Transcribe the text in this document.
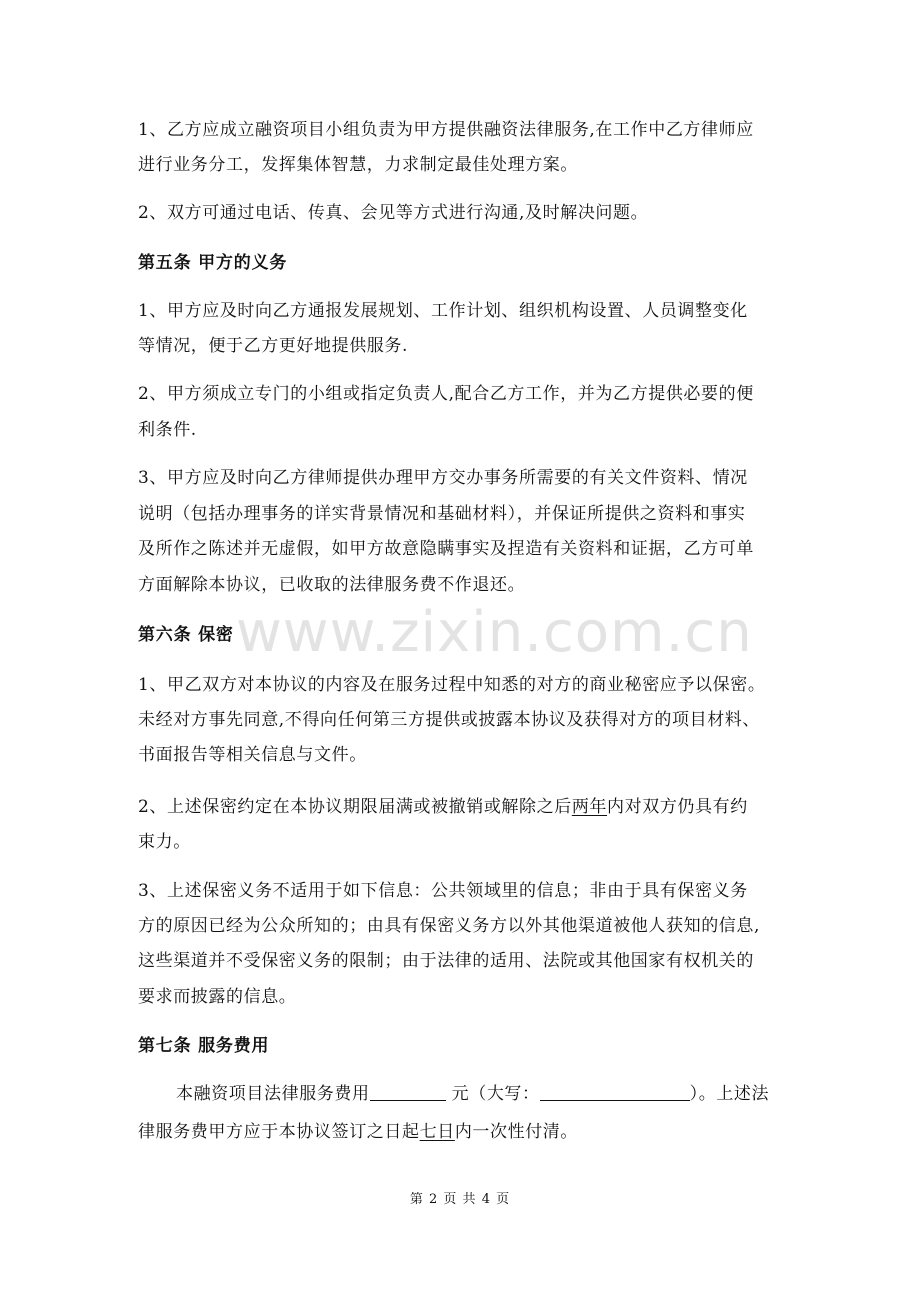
www.zixin.com.cn
1、乙方应成立融资项目小组负责为甲方提供融资法律服务,在工作中乙方律师应
进行业务分工，发挥集体智慧，力求制定最佳处理方案。
2、双方可通过电话、传真、会见等方式进行沟通,及时解决问题。
第五条 甲方的义务
1、甲方应及时向乙方通报发展规划、工作计划、组织机构设置、人员调整变化
等情况，便于乙方更好地提供服务.
2、甲方须成立专门的小组或指定负责人,配合乙方工作，并为乙方提供必要的便
利条件.
3、甲方应及时向乙方律师提供办理甲方交办事务所需要的有关文件资料、情况
说明（包括办理事务的详实背景情况和基础材料），并保证所提供之资料和事实
及所作之陈述并无虚假，如甲方故意隐瞒事实及捏造有关资料和证据，乙方可单
方面解除本协议，已收取的法律服务费不作退还。
第六条 保密
1、甲乙双方对本协议的内容及在服务过程中知悉的对方的商业秘密应予以保密。
未经对方事先同意,不得向任何第三方提供或披露本协议及获得对方的项目材料、
书面报告等相关信息与文件。
2、上述保密约定在本协议期限届满或被撤销或解除之后两年内对双方仍具有约
束力。
3、上述保密义务不适用于如下信息：公共领域里的信息；非由于具有保密义务
方的原因已经为公众所知的；由具有保密义务方以外其他渠道被他人获知的信息,
这些渠道并不受保密义务的限制；由于法律的适用、法院或其他国家有权机关的
要求而披露的信息。
第七条 服务费用
本融资项目法律服务费用	元（大写：	）。上述法
律服务费甲方应于本协议签订之日起七日内一次性付清。
第 2 页 共 4 页
